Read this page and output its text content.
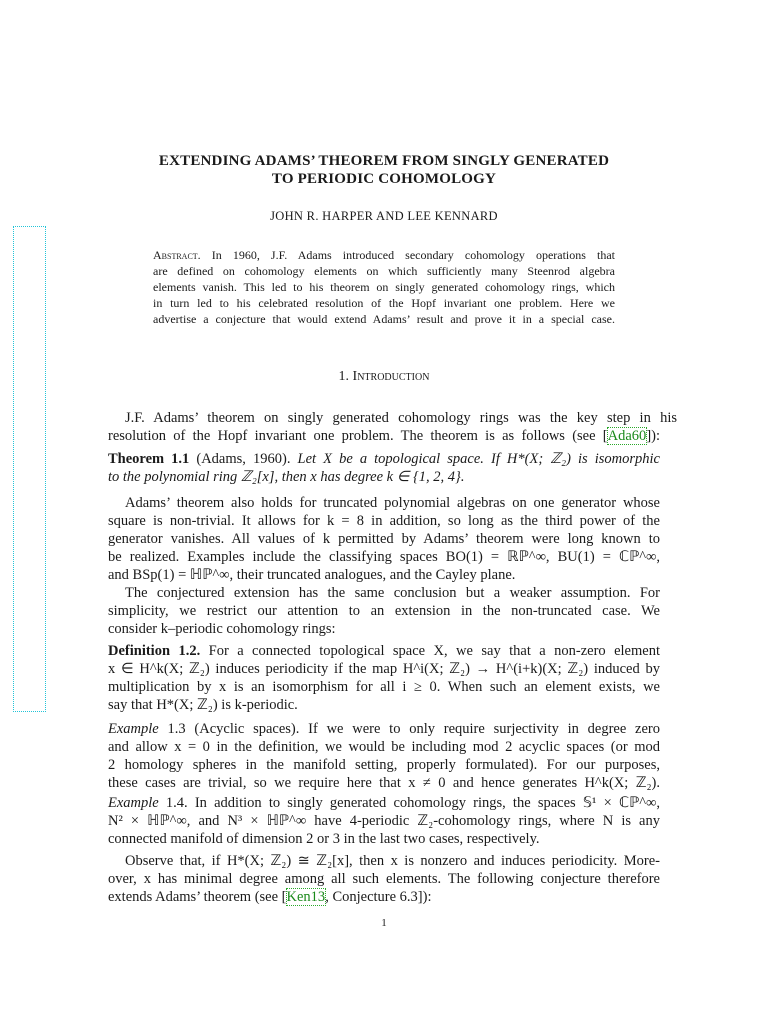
EXTENDING ADAMS’ THEOREM FROM SINGLY GENERATED
TO PERIODIC COHOMOLOGY
JOHN R. HARPER AND LEE KENNARD
Abstract. In 1960, J.F. Adams introduced secondary cohomology operations that
are defined on cohomology elements on which sufficiently many Steenrod algebra
elements vanish. This led to his theorem on singly generated cohomology rings, which
in turn led to his celebrated resolution of the Hopf invariant one problem. Here we
advertise a conjecture that would extend Adams’ result and prove it in a special case.
1. Introduction
J.F. Adams’ theorem on singly generated cohomology rings was the key step in his
resolution of the Hopf invariant one problem. The theorem is as follows (see [Ada60]):
Theorem 1.1 (Adams, 1960). Let X be a topological space. If H*(X; ℤ₂) is isomorphic
to the polynomial ring ℤ₂[x], then x has degree k ∈ {1, 2, 4}.
Adams’ theorem also holds for truncated polynomial algebras on one generator whose
square is non-trivial. It allows for k = 8 in addition, so long as the third power of the
generator vanishes. All values of k permitted by Adams’ theorem were long known to
be realized. Examples include the classifying spaces BO(1) = ℝℙ^∞, BU(1) = ℂℙ^∞,
and BSp(1) = ℍℙ^∞, their truncated analogues, and the Cayley plane.
The conjectured extension has the same conclusion but a weaker assumption. For
simplicity, we restrict our attention to an extension in the non-truncated case. We
consider k–periodic cohomology rings:
Definition 1.2. For a connected topological space X, we say that a non-zero element
x ∈ H^k(X; ℤ₂) induces periodicity if the map H^i(X; ℤ₂) → H^(i+k)(X; ℤ₂) induced by
multiplication by x is an isomorphism for all i ≥ 0. When such an element exists, we
say that H*(X; ℤ₂) is k-periodic.
Example 1.3 (Acyclic spaces). If we were to only require surjectivity in degree zero
and allow x = 0 in the definition, we would be including mod 2 acyclic spaces (or mod
2 homology spheres in the manifold setting, properly formulated). For our purposes,
these cases are trivial, so we require here that x ≠ 0 and hence generates H^k(X; ℤ₂).
Example 1.4. In addition to singly generated cohomology rings, the spaces 𝕊¹ × ℂℙ^∞,
N² × ℍℙ^∞, and N³ × ℍℙ^∞ have 4-periodic ℤ₂-cohomology rings, where N is any
connected manifold of dimension 2 or 3 in the last two cases, respectively.
Observe that, if H*(X; ℤ₂) ≅ ℤ₂[x], then x is nonzero and induces periodicity. More-
over, x has minimal degree among all such elements. The following conjecture therefore
extends Adams’ theorem (see [Ken13, Conjecture 6.3]):
1
